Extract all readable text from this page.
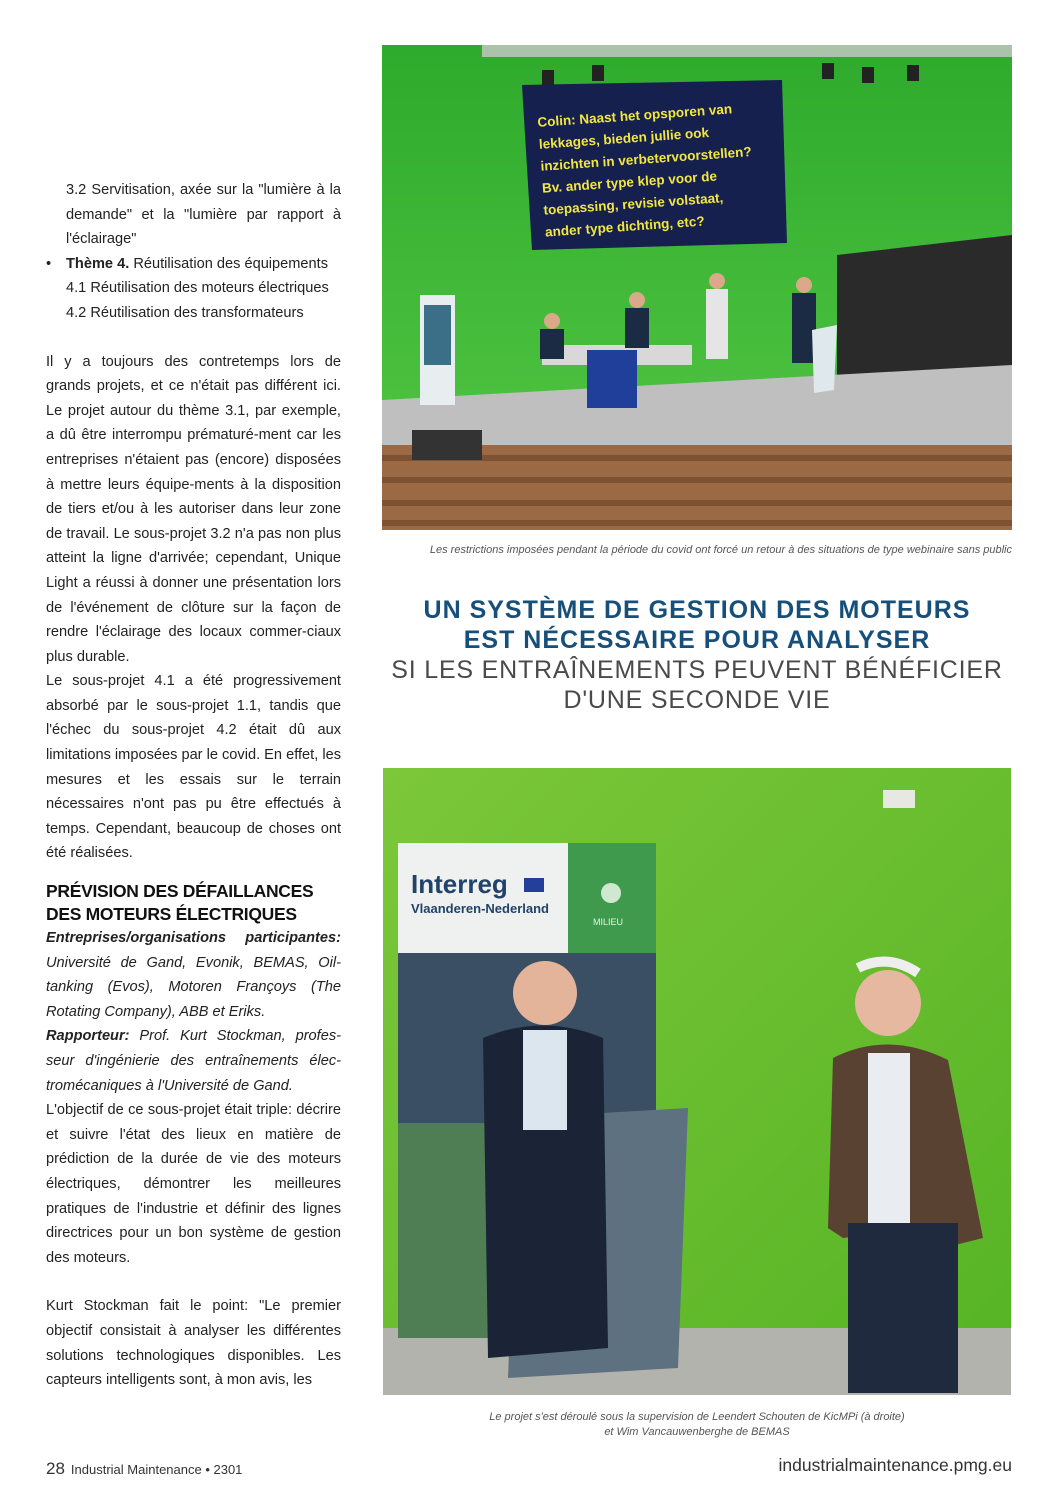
3.2 Servitisation, axée sur la "lumière à la demande" et la "lumière par rapport à l'éclairage"
• Thème 4. Réutilisation des équipements
4.1 Réutilisation des moteurs électriques
4.2 Réutilisation des transformateurs
Il y a toujours des contretemps lors de grands projets, et ce n'était pas différent ici. Le projet autour du thème 3.1, par exemple, a dû être interrompu prématuré-ment car les entreprises n'étaient pas (encore) disposées à mettre leurs équipe-ments à la disposition de tiers et/ou à les autoriser dans leur zone de travail. Le sous-projet 3.2 n'a pas non plus atteint la ligne d'arrivée; cependant, Unique Light a réussi à donner une présentation lors de l'événement de clôture sur la façon de rendre l'éclairage des locaux commer-ciaux plus durable.
Le sous-projet 4.1 a été progressivement absorbé par le sous-projet 1.1, tandis que l'échec du sous-projet 4.2 était dû aux limitations imposées par le covid. En effet, les mesures et les essais sur le terrain nécessaires n'ont pas pu être effectués à temps. Cependant, beaucoup de choses ont été réalisées.
PRÉVISION DES DÉFAILLANCES
DES MOTEURS ÉLECTRIQUES
Entreprises/organisations participantes: Université de Gand, Evonik, BEMAS, Oil-tanking (Evos), Motoren Françoys (The Rotating Company), ABB et Eriks.
Rapporteur: Prof. Kurt Stockman, profes-seur d'ingénierie des entraînements élec-tromécaniques à l'Université de Gand.
L'objectif de ce sous-projet était triple: décrire et suivre l'état des lieux en matière de prédiction de la durée de vie des moteurs électriques, démontrer les meilleures pratiques de l'industrie et définir des lignes directrices pour un bon système de gestion des moteurs.
Kurt Stockman fait le point: "Le premier objectif consistait à analyser les différentes solutions technologiques disponibles. Les capteurs intelligents sont, à mon avis, les
Colin: Naast het opsporen van
lekkages, bieden jullie ook
inzichten in verbetervoorstellen?
Bv. ander type klep voor de
toepassing, revisie volstaat,
ander type dichting, etc?
Les restrictions imposées pendant la période du covid ont forcé un retour à des situations de type webinaire sans public
UN SYSTÈME DE GESTION DES MOTEURS
EST NÉCESSAIRE POUR ANALYSER
SI LES ENTRAÎNEMENTS PEUVENT BÉNÉFICIER
D'UNE SECONDE VIE
Interreg
Vlaanderen-Nederland
MILIEU
Le projet s'est déroulé sous la supervision de Leendert Schouten de KicMPi (à droite)
et Wim Vancauwenberghe de BEMAS
28 Industrial Maintenance • 2301	industrialmaintenance.pmg.eu
